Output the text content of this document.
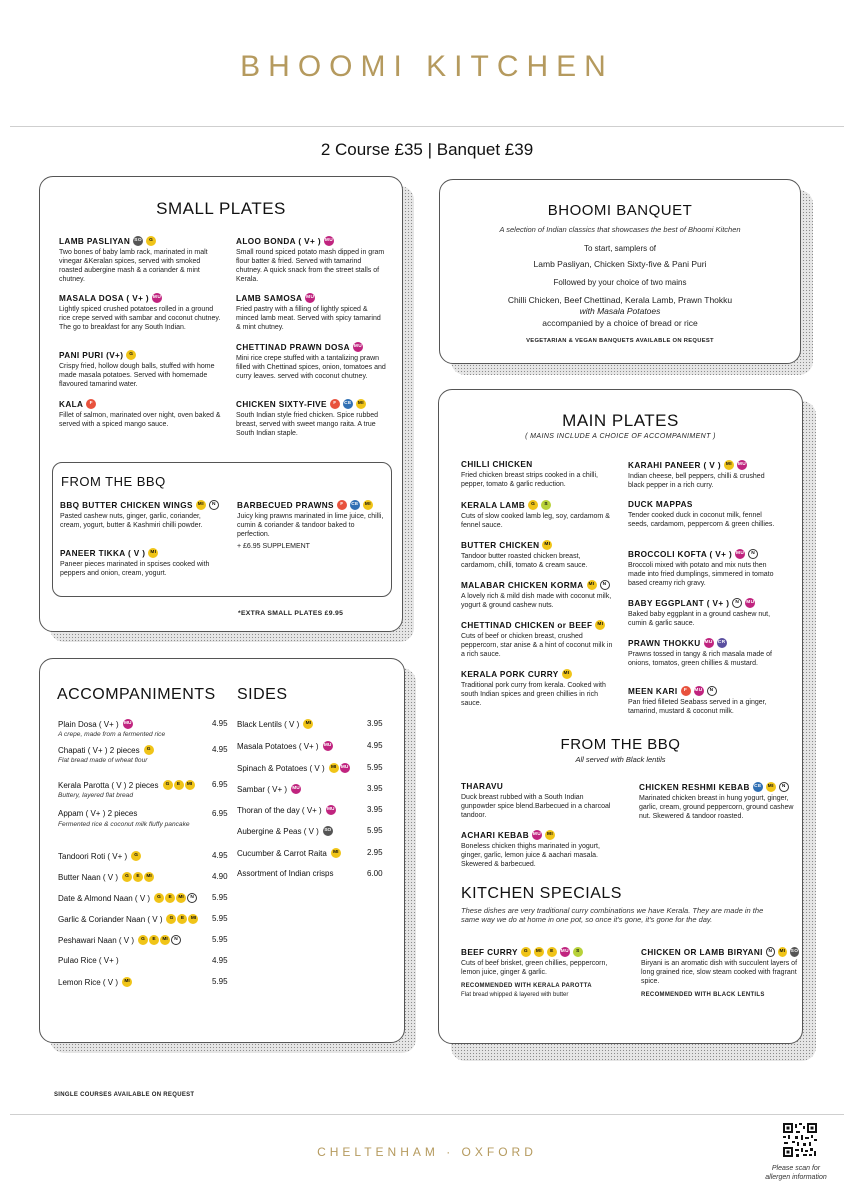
BHOOMI KITCHEN
2 Course £35 | Banquet £39
SMALL PLATES
LAMB PASLIYAN SO	G
Two bones of baby lamb rack, marinated in malt vinegar &Keralan spices, served with smoked roasted aubergine mash & a coriander & mint chutney.
MASALA DOSA ( V+ ) MU
Lightly spiced crushed potatoes rolled in a ground rice crepe served with sambar and coconut chutney. The go to breakfast for any South Indian.
PANI PURI (V+)	G
Crispy fried, hollow dough balls, stuffed with home made masala potatoes. Served with homemade flavoured tamarind water.
KALA	F
Fillet of salmon, marinated over night, oven baked & served with a spiced mango sauce.
ALOO BONDA ( V+ ) MU
Small round spiced potato mash dipped in gram flour batter & fried. Served with tamarind chutney. A quick snack from the street stalls of Kerala.
LAMB SAMOSA MU
Fried pastry with a filling of lightly spiced & minced lamb meat. Served with spicy tamarind & mint chutney.
CHETTINAD PRAWN DOSA MU
Mini rice crepe stuffed with a tantalizing prawn filled with Chettinad spices, onion, tomatoes and curry leaves. served with coconut chutney.
CHICKEN SIXTY-FIVE	F	CE	MI
South Indian style fried chicken. Spice rubbed breast, served with sweet mango raita. A true South Indian staple.
FROM THE BBQ
BBQ BUTTER CHICKEN WINGS	MI	N
Pasted cashew nuts, ginger, garlic, coriander, cream, yogurt, butter & Kashmiri chilli powder.
PANEER TIKKA ( V )	MI
Paneer pieces marinated in spcises cooked with peppers and onion, cream, yogurt.
BARBECUED PRAWNS	F	CE	MI
Juicy king prawns marinated in lime juice, chilli, cumin & coriander & tandoor baked to perfection.
+ £6.95 SUPPLEMENT
*EXTRA SMALL PLATES £9.95
BHOOMI BANQUET
A selection of Indian classics that showcases the best of Bhoomi Kitchen
To start, samplers of
Lamb Pasliyan, Chicken Sixty-five & Pani Puri
Followed by your choice of two mains
Chilli Chicken, Beef Chettinad, Kerala Lamb, Prawn Thokku
with Masala Potatoes
accompanied by a choice of bread or rice
VEGETARIAN & VEGAN BANQUETS AVAILABLE ON REQUEST
MAIN PLATES
( MAINS INCLUDE A CHOICE OF ACCOMPANIMENT )
CHILLI CHICKEN
Fried chicken breast strips cooked in a chilli, pepper, tomato & garlic reduction.
KERALA LAMB	G	S
Cuts of slow cooked lamb leg, soy, cardamom & fennel sauce.
BUTTER CHICKEN	MI
Tandoor butter roasted chicken breast, cardamom, chilli, tomato & cream sauce.
MALABAR CHICKEN KORMA	MI	N
A lovely rich & mild dish made with coconut milk, yogurt & ground cashew nuts.
CHETTINAD CHICKEN or BEEF	MI
Cuts of beef or chicken breast, crushed peppercorn, star anise & a hint of coconut milk in a rich sauce.
KERALA PORK CURRY	MI
Traditional pork curry from kerala. Cooked with south Indian spices and green chillies in rich sauce.
KARAHI PANEER ( V )	MI	MU
Indian cheese, bell peppers, chilli & crushed black pepper in a rich curry.
DUCK MAPPAS
Tender cooked duck in coconut milk, fennel seeds, cardamom, peppercorn & green chillies.
BROCCOLI KOFTA ( V+ ) MU	N
Broccoli mixed with potato and mix nuts then made into fried dumplings, simmered in tomato based creamy rich gravy.
BABY EGGPLANT ( V+ )	N	MU
Baked baby eggplant in a ground cashew nut, cumin & garlic sauce.
PRAWN THOKKU MU CR
Prawns tossed in tangy & rich masala made of onions, tomatos, green chillies & mustard.
MEEN KARI	F	MU	N
Pan fried filleted Seabass served in a ginger, tamarind, mustard & coconut milk.
FROM THE BBQ
All served with Black lentils
THARAVU
Duck breast rubbed with a South Indian gunpowder spice blend.Barbecued in a charcoal tandoor.
ACHARI KEBAB MU	MI
Boneless chicken thighs marinated in yogurt, ginger, garlic, lemon juice & aachari masala. Skewered & barbecued.
CHICKEN RESHMI KEBAB CE	MI	N
Marinated chicken breast in hung yogurt, ginger, garlic, cream, ground peppercorn, ground cashew nut. Skewered & tandoor roasted.
KITCHEN SPECIALS
These dishes are very traditional curry combinations we have Kerala. They are made in the same way we do at home in one pot, so once it's gone, it's gone for the day.
BEEF CURRY	G	MI	E	MU	S
Cuts of beef brisket, green chillies, peppercorn, lemon juice, ginger & garlic.
RECOMMENDED WITH KERALA PAROTTA
Flat bread whipped & layered with butter
CHICKEN OR LAMB BIRYANI	N	MI SO
Biryani is an aromatic dish with succulent layers of long grained rice, slow steam cooked with fragrant spice.
RECOMMENDED WITH BLACK LENTILS
ACCOMPANIMENTS SIDES
Plain Dosa ( V+ ) MU	4.95
A crepe, made from a fermented rice
Chapati ( V+ ) 2 pieces	G	4.95
Flat bread made of wheat flour
Kerala Parotta ( V ) 2 pieces	G	E	MI 6.95
Buttery, layered flat bread
Appam ( V+ ) 2 pieces	6.95
Fermented rice & coconut milk fluffy pancake
Tandoori Roti ( V+ )	G	4.95
Butter Naan ( V )	G	E	MI	4.90
Date & Almond Naan ( V )	G	E	MI	N	5.95
Garlic & Coriander Naan ( V )	G	E	MI 5.95
Peshawari Naan ( V )	G	E	MI	N	5.95
Pulao Rice ( V+ )	4.95
Lemon Rice ( V )	MI	5.95
Black Lentils ( V )	MI	3.95
Masala Potatoes ( V+ ) MU	4.95
Spinach & Potatoes ( V )	MI MU 5.95
Sambar ( V+ ) MU	3.95
Thoran of the day ( V+ ) MU	3.95
Aubergine & Peas ( V )	SO	5.95
Cucumber & Carrot Raita	MI	2.95
Assortment of Indian crisps	6.00
SINGLE COURSES AVAILABLE ON REQUEST
CHELTENHAM · OXFORD
Please scan for
allergen information
